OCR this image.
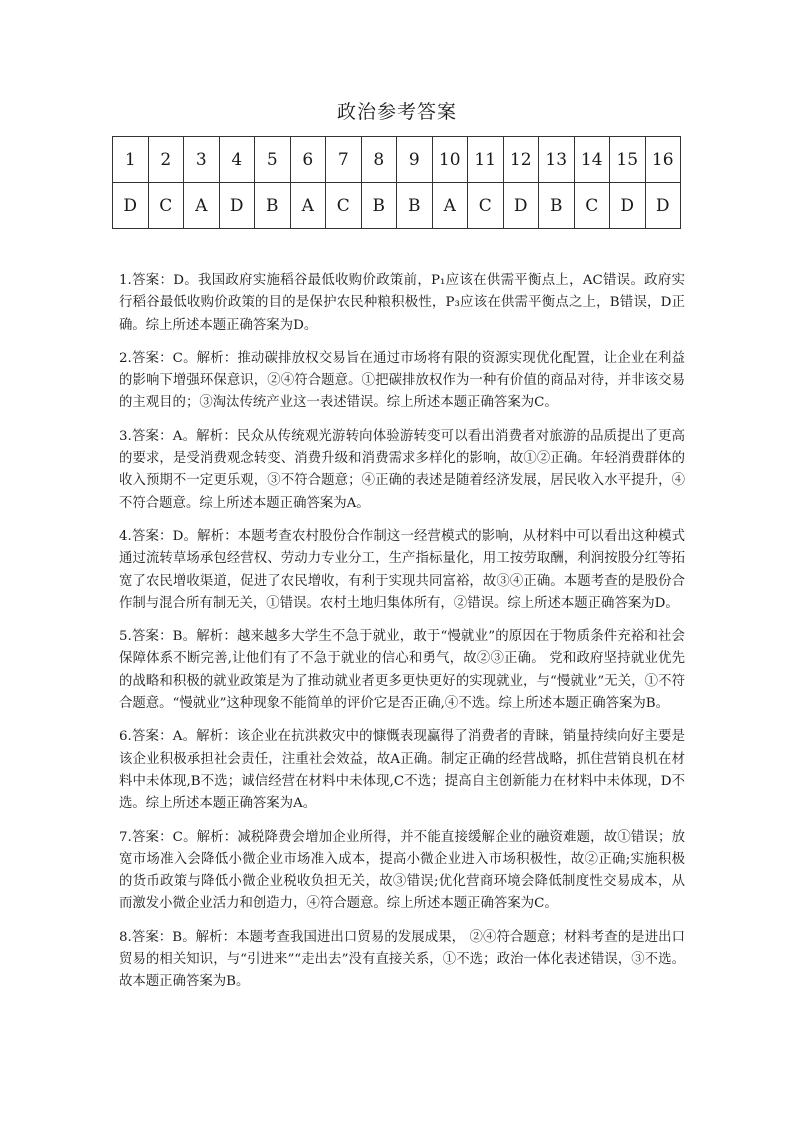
政治参考答案
1	2	3	4	5	6	7	8	9	10	11	12	13	14	15	16
D	C	A	D	B	A	C	B	B	A	C	D	B	C	D	D

1.答案：D。我国政府实施稻谷最低收购价政策前，P₁应该在供需平衡点上，AC错误。政府实行稻谷最低收购价政策的目的是保护农民种粮积极性，P₃应该在供需平衡点之上，B错误，D正确。综上所述本题正确答案为D。

2.答案：C。解析：推动碳排放权交易旨在通过市场将有限的资源实现优化配置，让企业在利益的影响下增强环保意识，②④符合题意。①把碳排放权作为一种有价值的商品对待，并非该交易的主观目的；③淘汰传统产业这一表述错误。综上所述本题正确答案为C。

3.答案：A。解析：民众从传统观光游转向体验游转变可以看出消费者对旅游的品质提出了更高的要求，是受消费观念转变、消费升级和消费需求多样化的影响，故①②正确。年轻消费群体的收入预期不一定更乐观，③不符合题意；④正确的表述是随着经济发展，居民收入水平提升，④不符合题意。综上所述本题正确答案为A。

4.答案：D。解析：本题考查农村股份合作制这一经营模式的影响，从材料中可以看出这种模式通过流转草场承包经营权、劳动力专业分工，生产指标量化，用工按劳取酬，利润按股分红等拓宽了农民增收渠道，促进了农民增收，有利于实现共同富裕，故③④正确。本题考查的是股份合作制与混合所有制无关，①错误。农村土地归集体所有，②错误。综上所述本题正确答案为D。

5.答案：B。解析：越来越多大学生不急于就业，敢于“慢就业”的原因在于物质条件充裕和社会保障体系不断完善,让他们有了不急于就业的信心和勇气，故②③正确。 党和政府坚持就业优先的战略和积极的就业政策是为了推动就业者更多更快更好的实现就业，与“慢就业”无关，①不符合题意。“慢就业”这种现象不能简单的评价它是否正确,④不选。综上所述本题正确答案为B。

6.答案：A。解析：该企业在抗洪救灾中的慷慨表现赢得了消费者的青睐，销量持续向好主要是该企业积极承担社会责任，注重社会效益，故A正确。制定正确的经营战略，抓住营销良机在材料中未体现,B不选；诚信经营在材料中未体现,C不选；提高自主创新能力在材料中未体现，D不选。综上所述本题正确答案为A。

7.答案：C。解析：减税降费会增加企业所得，并不能直接缓解企业的融资难题，故①错误；放宽市场准入会降低小微企业市场准入成本，提高小微企业进入市场积极性，故②正确;实施积极的货币政策与降低小微企业税收负担无关，故③错误;优化营商环境会降低制度性交易成本，从而激发小微企业活力和创造力，④符合题意。综上所述本题正确答案为C。

8.答案：B。解析：本题考查我国进出口贸易的发展成果， ②④符合题意；材料考查的是进出口贸易的相关知识，与“引进来”“走出去”没有直接关系，①不选；政治一体化表述错误，③不选。故本题正确答案为B。
